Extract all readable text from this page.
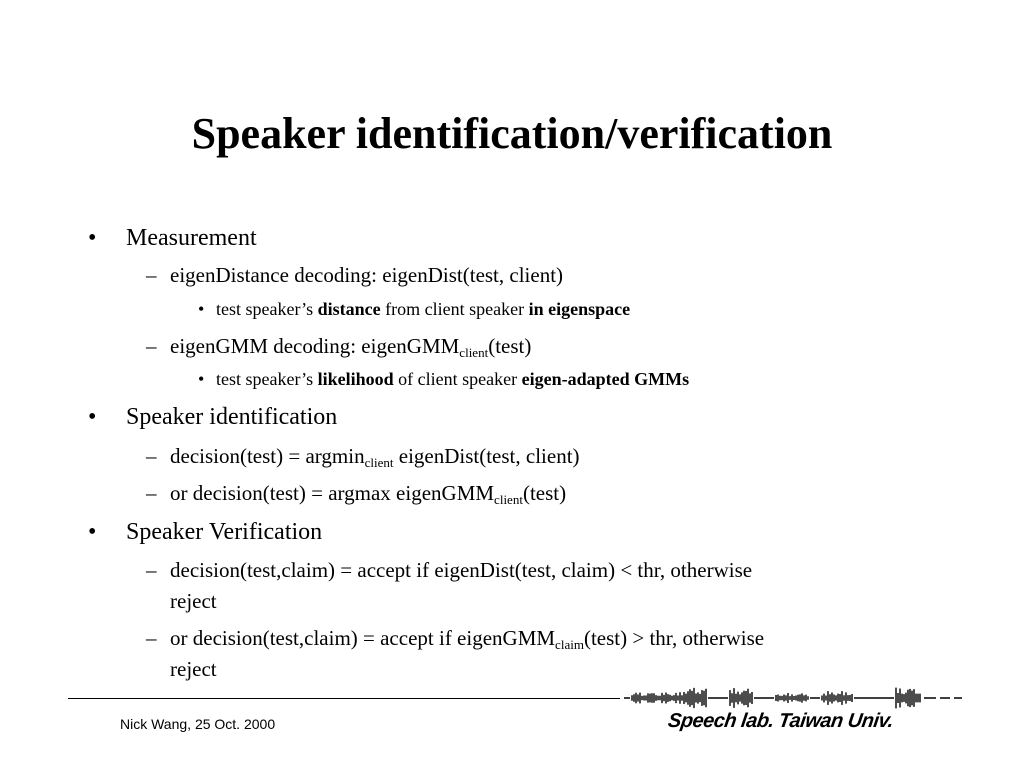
Speaker identification/verification
• Measurement
– eigenDistance decoding: eigenDist(test, client)
• test speaker’s distance from client speaker in eigenspace
– eigenGMM decoding: eigenGMM$_{client}$(test)
• test speaker’s likelihood of client speaker eigen-adapted GMMs
• Speaker identification
– decision(test) = argmin$_{client}$ eigenDist(test, client)
– or decision(test) = argmax eigenGMM$_{client}$(test)
• Speaker Verification
– decision(test,claim) = accept if eigenDist(test, claim) < thr, otherwise
reject
– or decision(test,claim) = accept if eigenGMM$_{claim}$(test) > thr, otherwise
reject
Nick Wang, 25 Oct. 2000	Speech lab. Taiwan Univ.
